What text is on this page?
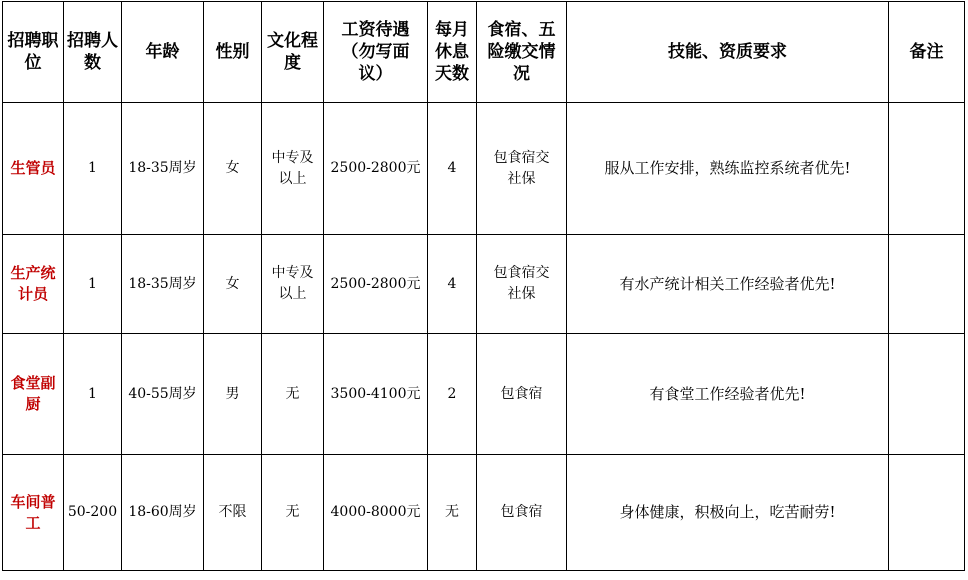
招聘职位	招聘人数	年龄	性别	文化程度	工资待遇（勿写面议）	每月休息天数	食宿、五险缴交情况	技能、资质要求	备注
生管员	1	18-35周岁	女	中专及以上	2500-2800元	4	包食宿交社保	服从工作安排，熟练监控系统者优先!	
生产统计员	1	18-35周岁	女	中专及以上	2500-2800元	4	包食宿交社保	有水产统计相关工作经验者优先!	
食堂副厨	1	40-55周岁	男	无	3500-4100元	2	包食宿	有食堂工作经验者优先!	
车间普工	50-200	18-60周岁	不限	无	4000-8000元	无	包食宿	身体健康，积极向上，吃苦耐劳!	
